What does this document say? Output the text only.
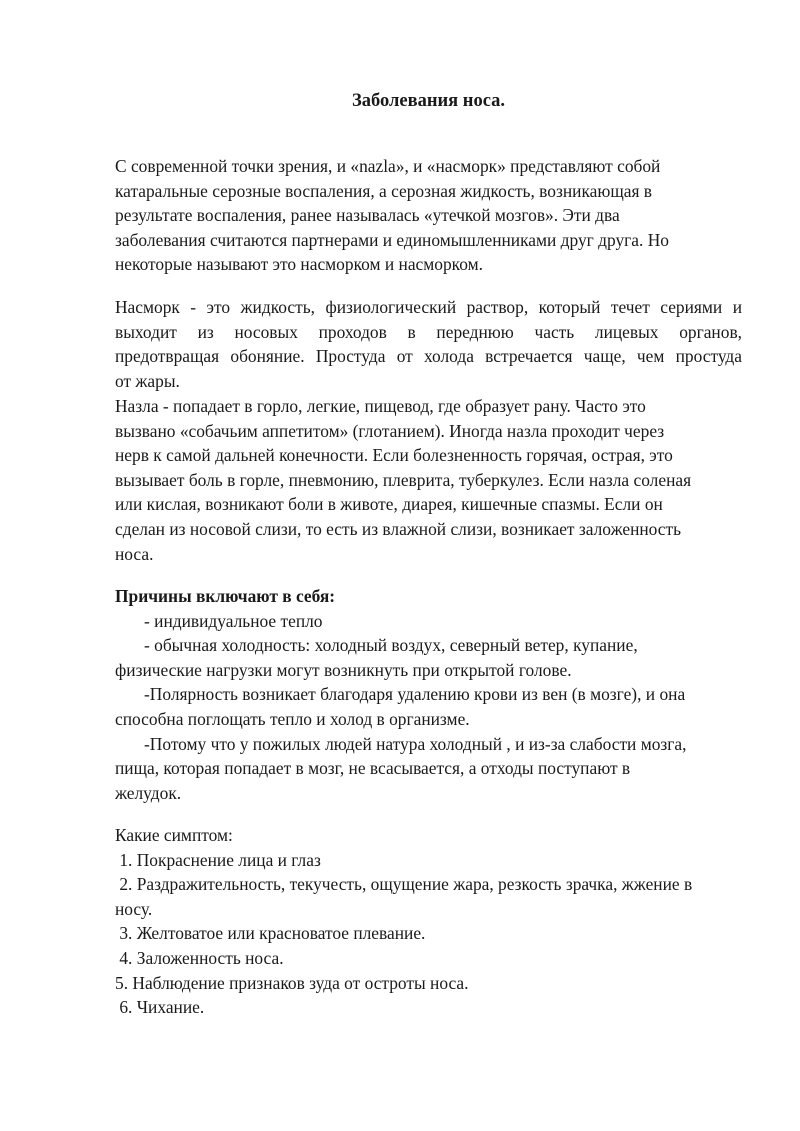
Заболевания носа.
С современной точки зрения, и «nazla», и «насморк» представляют собой
катаральные серозные воспаления, а серозная жидкость, возникающая в
результате воспаления, ранее называлась «утечкой мозгов». Эти два
заболевания считаются партнерами и единомышленниками друг друга. Но
некоторые называют это насморком и насморком.
Насморк - это жидкость, физиологический раствор, который течет сериями и
выходит из носовых проходов в переднюю часть лицевых органов,
предотвращая обоняние. Простуда от холода встречается чаще, чем простуда
от жары.
Назла - попадает в горло, легкие, пищевод, где образует рану. Часто это
вызвано «собачьим аппетитом» (глотанием). Иногда назла проходит через
нерв к самой дальней конечности. Если болезненность горячая, острая, это
вызывает боль в горле, пневмонию, плеврита, туберкулез. Если назла соленая
или кислая, возникают боли в животе, диарея, кишечные спазмы. Если он
сделан из носовой слизи, то есть из влажной слизи, возникает заложенность
носа.
Причины включают в себя:
- индивидуальное тепло
- обычная холодность: холодный воздух, северный ветер, купание,
физические нагрузки могут возникнуть при открытой голове.
-Полярность возникает благодаря удалению крови из вен (в мозге), и она
способна поглощать тепло и холод в организме.
-Потому что у пожилых людей натура холодный , и из-за слабости мозга,
пища, которая попадает в мозг, не всасывается, а отходы поступают в
желудок.
Какие симптом:
1. Покраснение лица и глаз
2. Раздражительность, текучесть, ощущение жара, резкость зрачка, жжение в
носу.
3. Желтоватое или красноватое плевание.
4. Заложенность носа.
5. Наблюдение признаков зуда от остроты носа.
6. Чихание.
